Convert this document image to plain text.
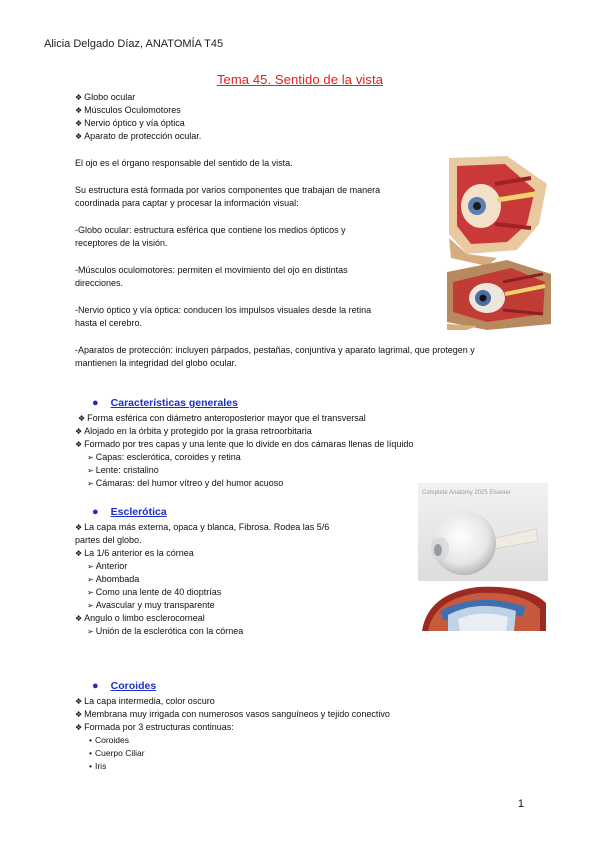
Alicia Delgado Díaz, ANATOMÍA T45
Tema 45. Sentido de la vista
❖ Globo ocular
❖ Músculos Oculomotores
❖ Nervio óptico y vía óptica
❖ Aparato de protección ocular.
El ojo es el órgano responsable del sentido de la vista.
Su estructura está formada por varios componentes que trabajan de manera
coordinada para captar y procesar la información visual:
-Globo ocular: estructura esférica que contiene los medios ópticos y
receptores de la visión.
-Músculos oculomotores: permiten el movimiento del ojo en distintas
direcciones.
-Nervio óptico y vía óptica: conducen los impulsos visuales desde la retina
hasta el cerebro.
-Aparatos de protección: incluyen párpados, pestañas, conjuntiva y aparato lagrimal, que protegen y
mantienen la integridad del globo ocular.
● Características generales
❖ Forma esférica con diámetro anteroposterior mayor que el transversal
❖ Alojado en la órbita y protegido por la grasa retroorbitaria
❖ Formado por tres capas y una lente que lo divide en dos cámaras llenas de líquido
➢ Capas: esclerótica, coroides y retina
➢ Lente: cristalino
➢ Cámaras: del humor vítreo y del humor acuoso
Complete Anatomy 2025 Elsevier
● Esclerótica
❖ La capa más externa, opaca y blanca, Fibrosa. Rodea las 5/6
partes del globo.
❖ La 1/6 anterior es la córnea
➢ Anterior
➢ Abombada
➢ Como una lente de 40 dioptrías
➢ Avascular y muy transparente
❖ Angulo o limbo esclerocorneal
➢ Unión de la esclerótica con la córnea
● Coroides
❖ La capa intermedia, color oscuro
❖ Membrana muy irrigada con numerosos vasos sanguíneos y tejido conectivo
❖ Formada por 3 estructuras continuas:
• Coroides
• Cuerpo Ciliar
• Iris
1
